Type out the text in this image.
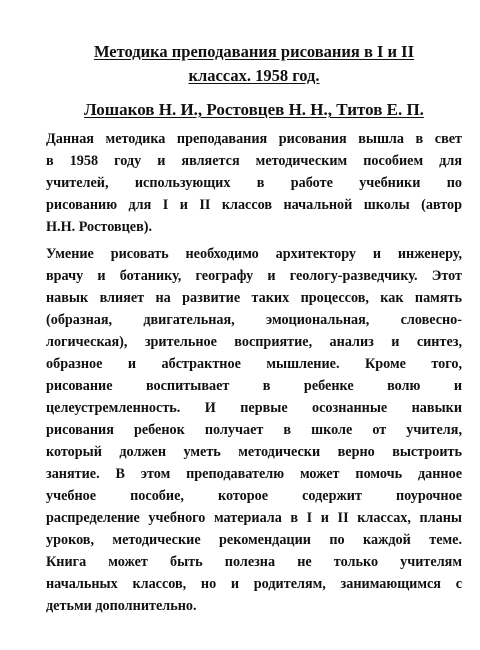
Методика преподавания рисования в I и II
классах. 1958 год.
Лошаков Н. И., Ростовцев Н. Н., Титов Е. П.

Данная методика преподавания рисования вышла в свет
в 1958 году и является методическим пособием для
учителей, использующих в работе учебники по
рисованию для I и II классов начальной школы (автор
Н.Н. Ростовцев).

Умение рисовать необходимо архитектору и инженеру,
врачу и ботанику, географу и геологу-разведчику. Этот
навык влияет на развитие таких процессов, как память
(образная, двигательная, эмоциональная, словесно-
логическая), зрительное восприятие, анализ и синтез,
образное и абстрактное мышление. Кроме того,
рисование воспитывает в ребенке волю и
целеустремленность. И первые осознанные навыки
рисования ребенок получает в школе от учителя,
который должен уметь методически верно выстроить
занятие. В этом преподавателю может помочь данное
учебное пособие, которое содержит поурочное
распределение учебного материала в I и II классах, планы
уроков, методические рекомендации по каждой теме.
Книга может быть полезна не только учителям
начальных классов, но и родителям, занимающимся с
детьми дополнительно.
